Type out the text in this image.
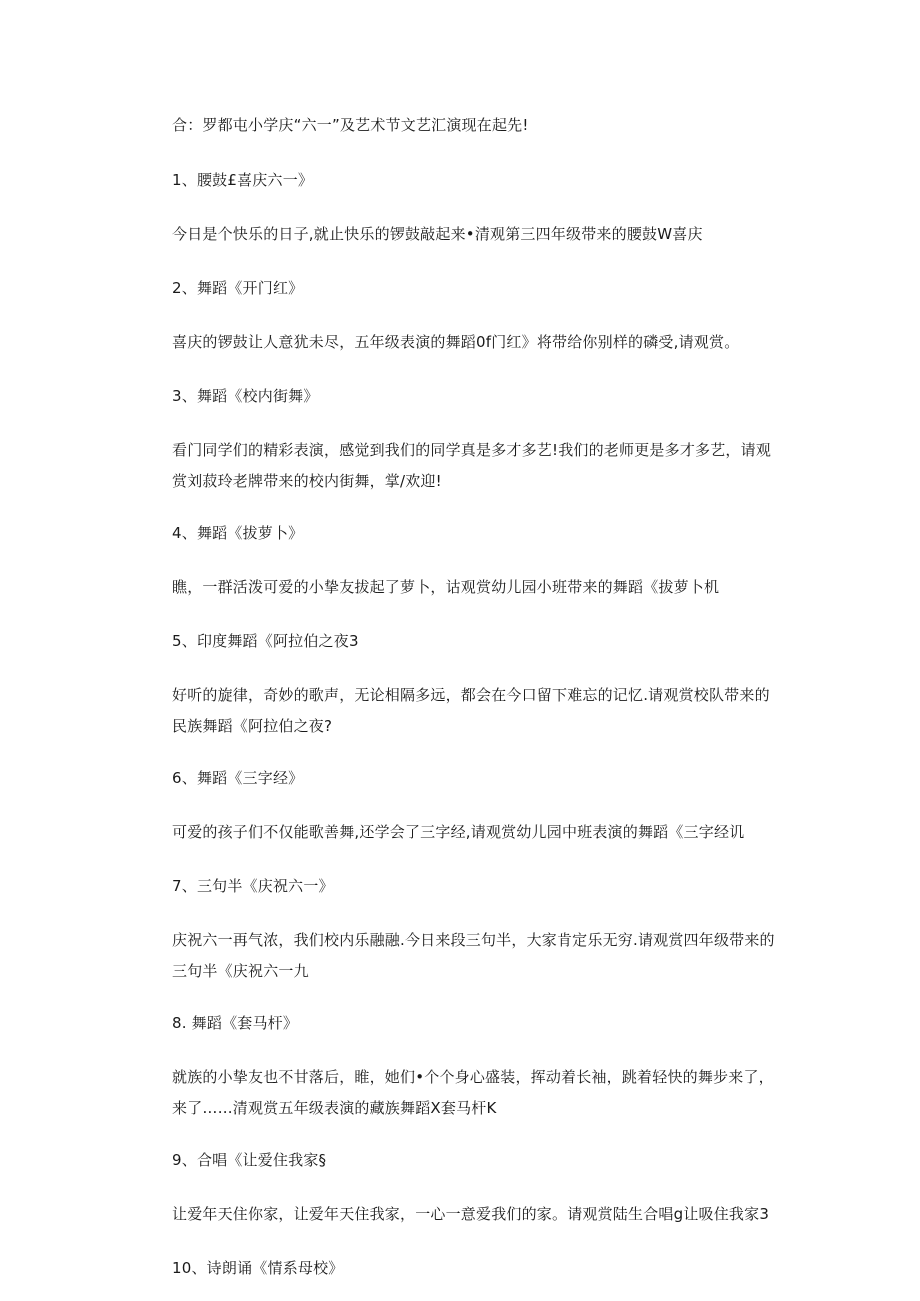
合：罗都屯小学庆“六一”及艺术节文艺汇演现在起先!
1、腰鼓£喜庆六一》
今日是个快乐的日子,就止快乐的锣鼓敲起来•清观第三四年级带来的腰鼓W喜庆
2、舞蹈《开门红》
喜庆的锣鼓让人意犹未尽，五年级表演的舞蹈0f门红》将带给你别样的磷受,请观赏。
3、舞蹈《校内街舞》
看门同学们的精彩表演，感觉到我们的同学真是多才多艺!我们的老师更是多才多艺，请观
赏刘菽玲老牌带来的校内街舞，掌/欢迎!
4、舞蹈《拔萝卜》
瞧，一群活泼可爱的小挚友拔起了萝卜，诂观赏幼儿园小班带来的舞蹈《拔萝卜机
5、印度舞蹈《阿拉伯之夜3
好听的旋律，奇妙的歌声，无论相隔多远，都会在今口留下难忘的记忆.请观赏校队带来的
民族舞蹈《阿拉伯之夜?
6、舞蹈《三字经》
可爱的孩子们不仅能歌善舞,还学会了三字经,请观赏幼儿园中班表演的舞蹈《三字经讥
7、三句半《庆祝六一》
庆祝六一再气浓，我们校内乐融融.今日来段三句半，大家肯定乐无穷.请观赏四年级带来的
三句半《庆祝六一九
8. 舞蹈《套马杆》
就族的小挚友也不甘落后，睢，她们•个个身心盛装，挥动着长袖，跳着轻快的舞步来了，
来了……清观赏五年级表演的藏族舞蹈X套马杆K
9、合唱《让爱住我家§
让爱年天住你家，让爱年天住我家，一心一意爱我们的家。请观赏陆生合唱g让吸住我家3
10、诗朗诵《情系母校》
